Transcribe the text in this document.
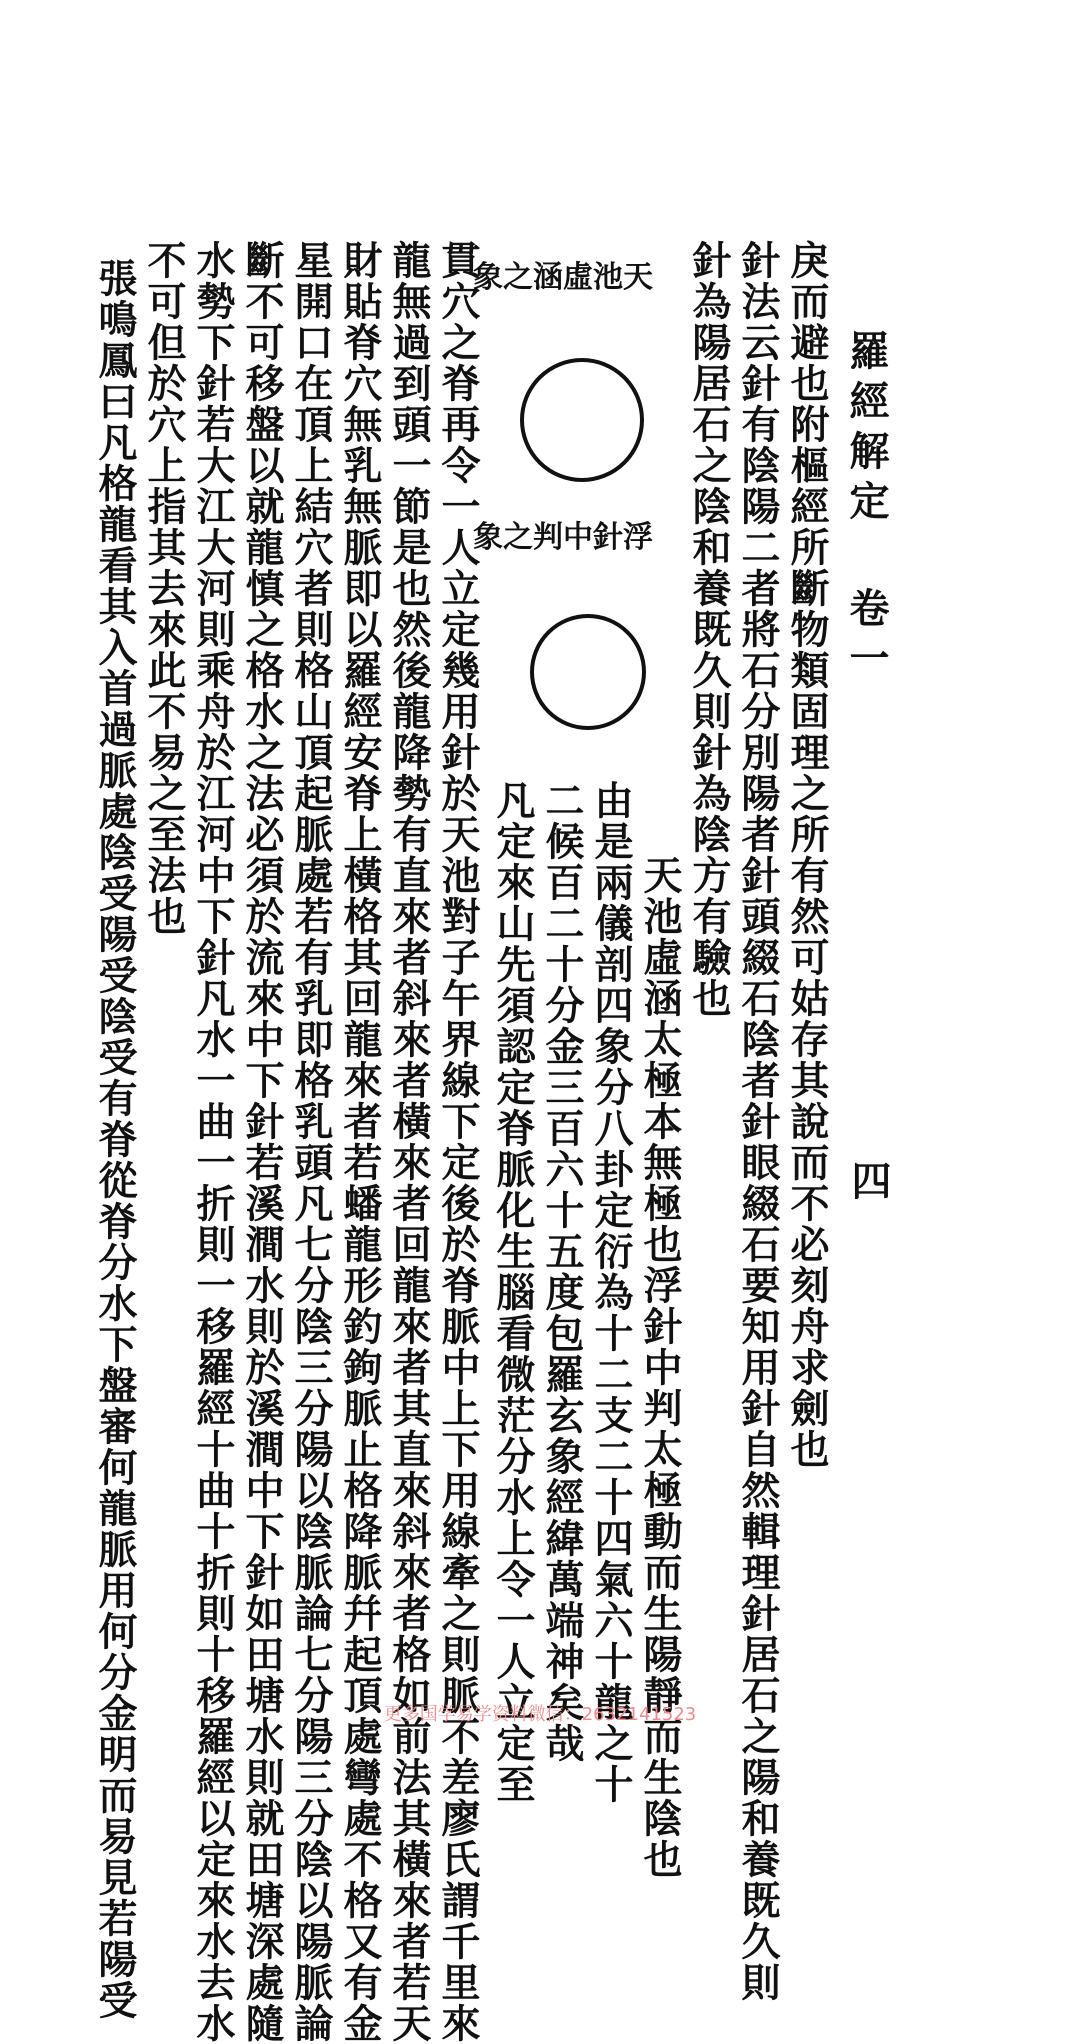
羅經解定 卷一
四
戾而避也附樞經所斷物類固理之所有然可姑存其說而不必刻舟求劍也
針法云針有陰陽二者將石分別陽者針頭綴石陰者針眼綴石要知用針自然輯理針居石之陽和養既久則
針為陽居石之陰和養既久則針為陰方有驗也
天池虛涵太極本無極也浮針中判太極動而生陽靜而生陰也
由是兩儀剖四象分八卦定衍為十二支二十四氣六十龍之十
二候百二十分金三百六十五度包羅玄象經緯萬端神矣哉
凡定來山先須認定脊脈化生腦看微茫分水上令一人立定至
貫穴之脊再令一人立定幾用針於天池對子午界線下定後於脊脈中上下用線牽之則脈不差廖氏謂千里來
龍無過到頭一節是也然後龍降勢有直來者斜來者橫來者回龍來者其直來斜來者格如前法其橫來者若天
財貼脊穴無乳無脈即以羅經安脊上橫格其回龍來者若蟠龍形釣鉤脈止格降脈幷起頂處彎處不格又有金
星開口在頂上結穴者則格山頂起脈處若有乳即格乳頭凡七分陰三分陽以陰脈論七分陽三分陰以陽脈論
斷不可移盤以就龍慎之格水之法必須於流來中下針若溪澗水則於溪澗中下針如田塘水則就田塘深處隨
水勢下針若大江大河則乘舟於江河中下針凡水一曲一折則一移羅經十曲十折則十移羅經以定來水去水
不可但於穴上指其去來此不易之至法也
張鳴鳳曰凡格龍看其入首過脈處陰受陽受陰受有脊從脊分水下盤審何龍脈用何分金明而易見若陽受	天池虛涵之象
浮針中判之象
更多国学易学资料微信：2632141523
